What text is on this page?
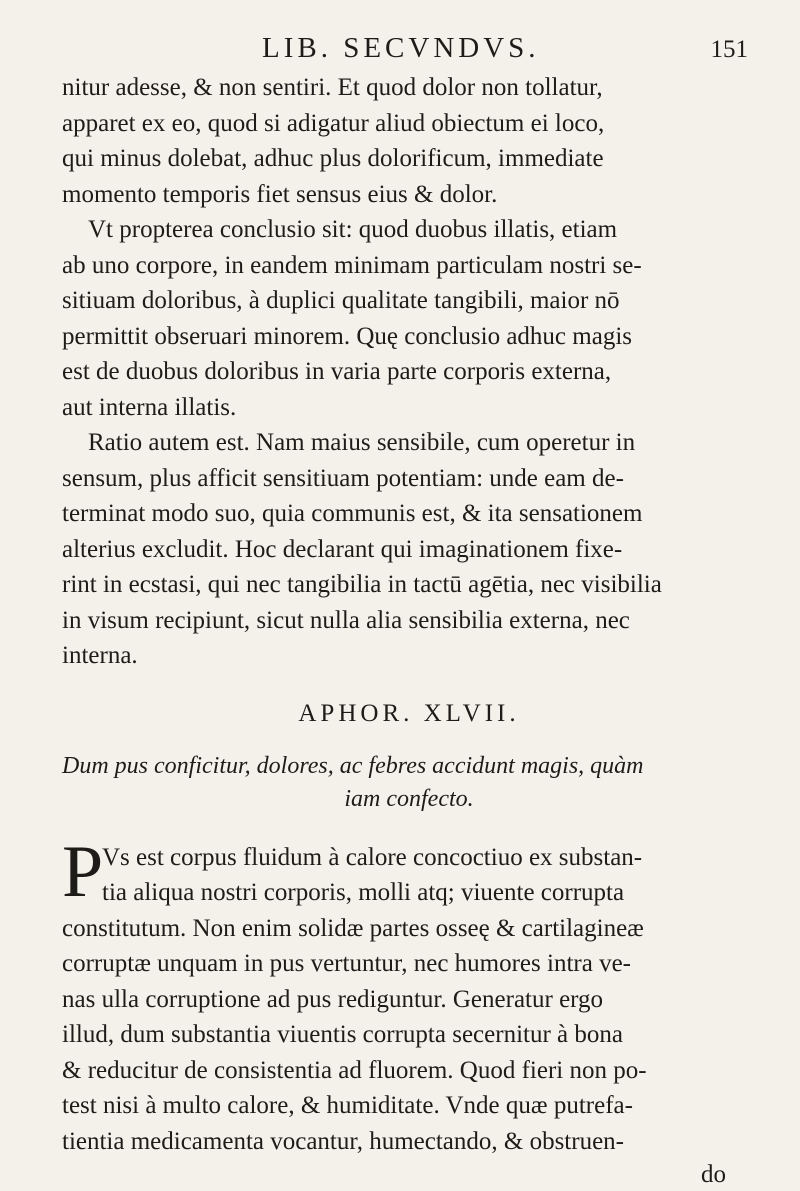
LIB. SECVNDVS.	151
nitur adesse, & non sentiri. Et quod dolor non tollatur,
apparet ex eo, quod si adigatur aliud obiectum ei loco,
qui minus dolebat, adhuc plus dolorificum, immediate
momento temporis fiet sensus eius & dolor.
Vt propterea conclusio sit: quod duobus illatis, etiam
ab uno corpore, in eandem minimam particulam nostri se-
sitiuam doloribus, à duplici qualitate tangibili, maior nō
permittit obseruari minorem. Quę conclusio adhuc magis
est de duobus doloribus in varia parte corporis externa,
aut interna illatis.
Ratio autem est. Nam maius sensibile, cum operetur in
sensum, plus afficit sensitiuam potentiam: unde eam de-
terminat modo suo, quia communis est, & ita sensationem
alterius excludit. Hoc declarant qui imaginationem fixe-
rint in ecstasi, qui nec tangibilia in tactū agētia, nec visibilia
in visum recipiunt, sicut nulla alia sensibilia externa, nec
interna.
APHOR. XLVII.
Dum pus conficitur, dolores, ac febres accidunt magis, quàm
iam confecto.
P
Vs est corpus fluidum à calore concoctiuo ex substan-
tia aliqua nostri corporis, molli atq; viuente corrupta
constitutum. Non enim solidæ partes osseę & cartilagineæ
corruptæ unquam in pus vertuntur, nec humores intra ve-
nas ulla corruptione ad pus rediguntur. Generatur ergo
illud, dum substantia viuentis corrupta secernitur à bona
& reducitur de consistentia ad fluorem. Quod fieri non po-
test nisi à multo calore, & humiditate. Vnde quæ putrefa-
tientia medicamenta vocantur, humectando, & obstruen-
do
